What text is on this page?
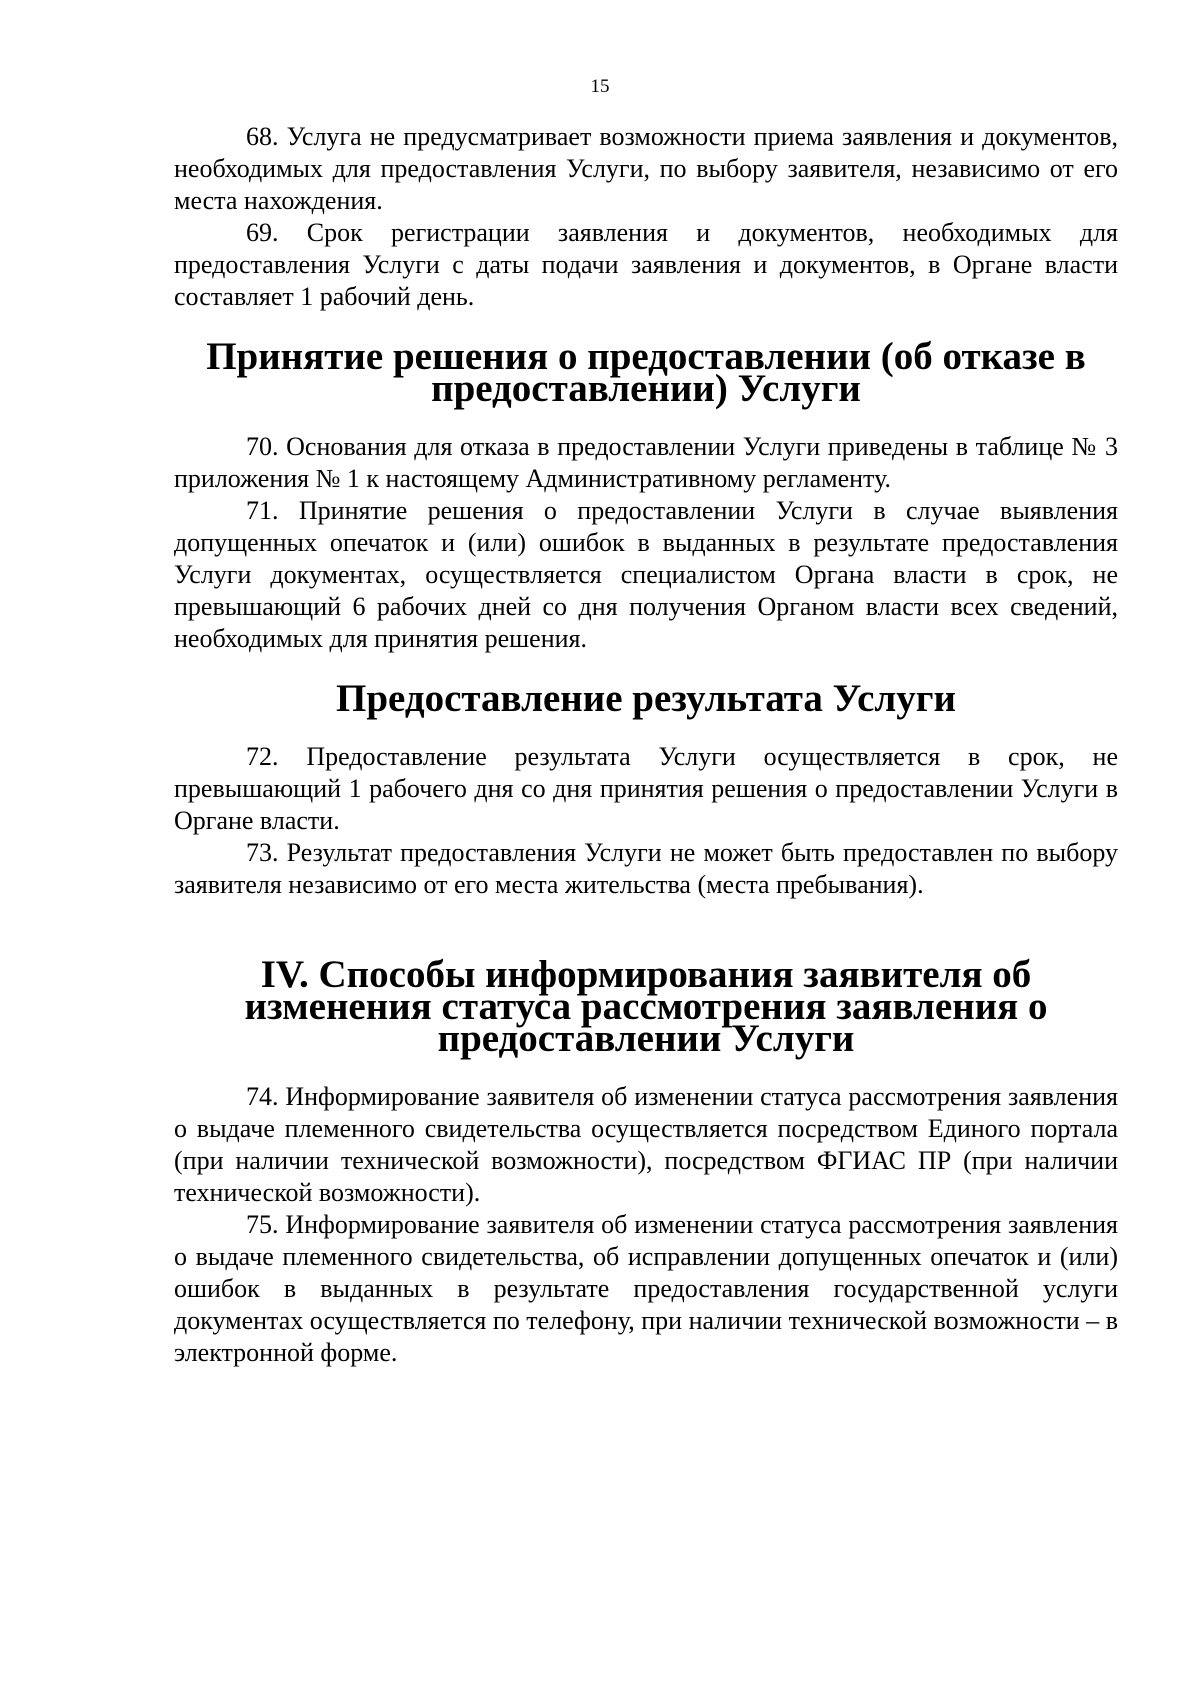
15

68. Услуга не предусматривает возможности приема заявления и документов, необходимых для предоставления Услуги, по выбору заявителя, независимо от его места нахождения.

69. Срок регистрации заявления и документов, необходимых для предоставления Услуги с даты подачи заявления и документов, в Органе власти составляет 1 рабочий день.

Принятие решения о предоставлении (об отказе в предоставлении) Услуги

70. Основания для отказа в предоставлении Услуги приведены в таблице № 3 приложения № 1 к настоящему Административному регламенту.

71. Принятие решения о предоставлении Услуги в случае выявления допущенных опечаток и (или) ошибок в выданных в результате предоставления Услуги документах, осуществляется специалистом Органа власти в срок, не превышающий 6 рабочих дней со дня получения Органом власти всех сведений, необходимых для принятия решения.

Предоставление результата Услуги

72. Предоставление результата Услуги осуществляется в срок, не превышающий 1 рабочего дня со дня принятия решения о предоставлении Услуги в Органе власти.

73. Результат предоставления Услуги не может быть предоставлен по выбору заявителя независимо от его места жительства (места пребывания).

IV. Способы информирования заявителя об изменения статуса рассмотрения заявления о предоставлении Услуги

74. Информирование заявителя об изменении статуса рассмотрения заявления о выдаче племенного свидетельства осуществляется посредством Единого портала (при наличии технической возможности), посредством ФГИАС ПР (при наличии технической возможности).

75. Информирование заявителя об изменении статуса рассмотрения заявления о выдаче племенного свидетельства, об исправлении допущенных опечаток и (или) ошибок в выданных в результате предоставления государственной услуги документах осуществляется по телефону, при наличии технической возможности – в электронной форме.
